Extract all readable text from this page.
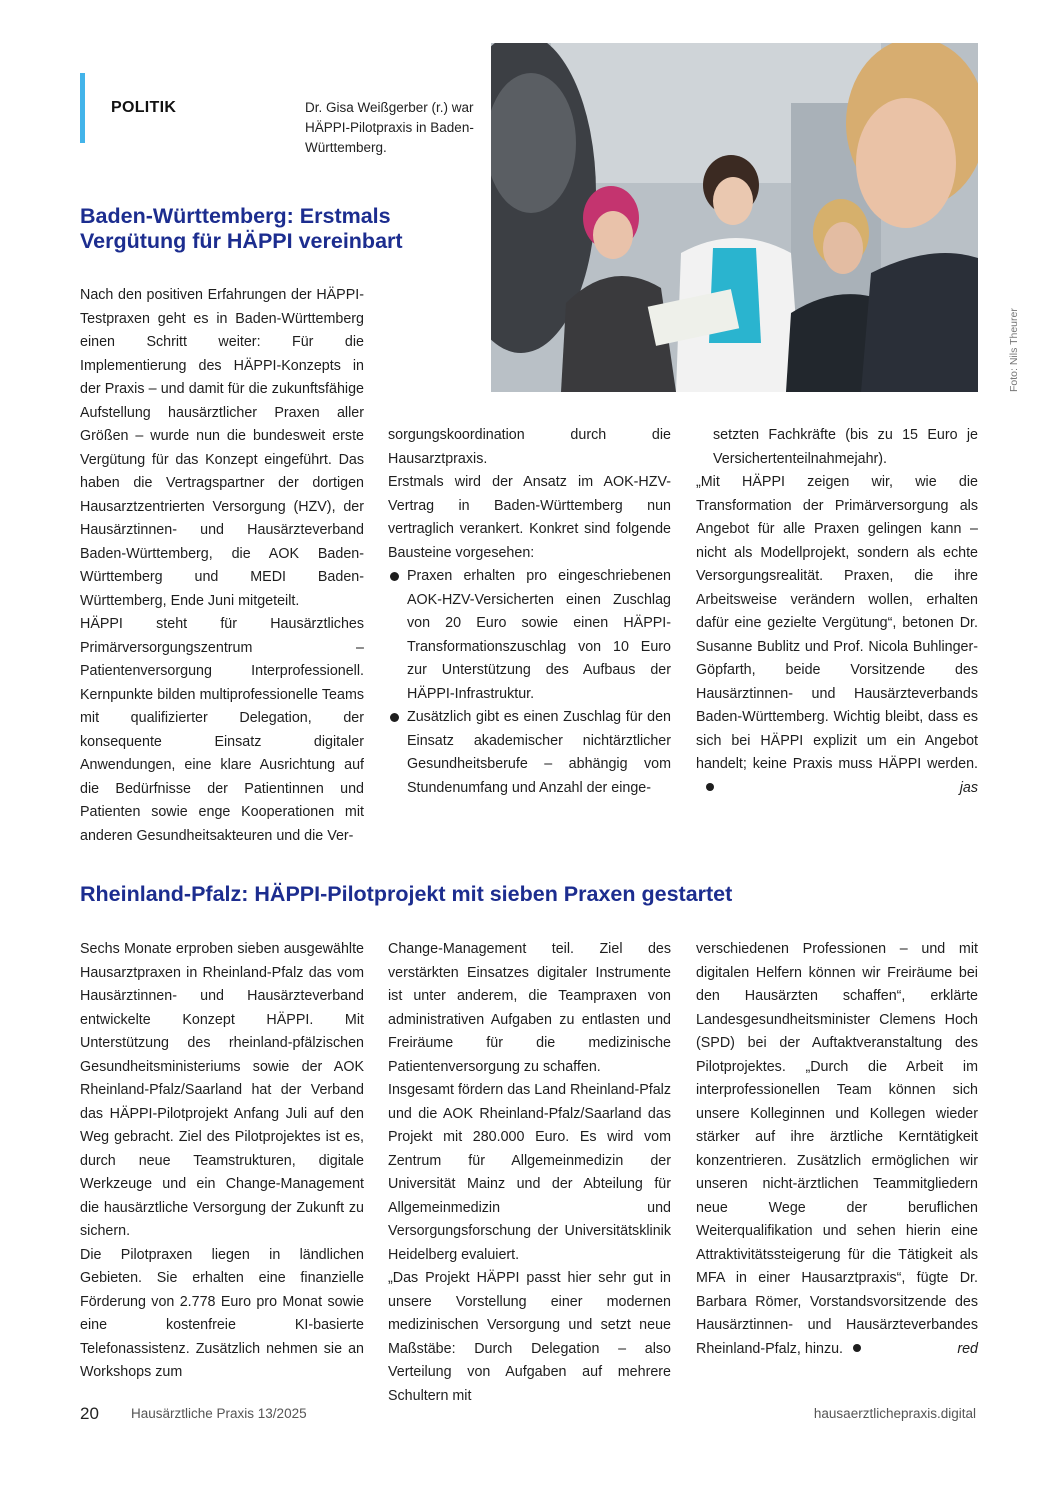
POLITIK	Dr. Gisa Weißgerber (r.) war HÄPPI-Pilotpraxis in Baden-Württemberg.
Foto: Nils Theurer
Baden-Württemberg: Erstmals
Vergütung für HÄPPI vereinbart

Nach den positiven Erfahrungen der HÄPPI-Testpraxen geht es in Baden-Württemberg einen Schritt weiter: Für die Implementierung des HÄPPI-Konzepts in der Praxis – und damit für die zukunftsfähige Aufstellung hausärztlicher Praxen aller Größen – wurde nun die bundesweit erste Vergütung für das Konzept eingeführt. Das haben die Vertragspartner der dortigen Hausarztzentrierten Versorgung (HZV), der Hausärztinnen- und Hausärzteverband Baden-Württemberg, die AOK Baden-Württemberg und MEDI Baden-Württemberg, Ende Juni mitgeteilt.

HÄPPI steht für Hausärztliches Primärversorgungszentrum – Patientenversorgung Interprofessionell. Kernpunkte bilden multiprofessionelle Teams mit qualifizierter Delegation, der konsequente Einsatz digitaler Anwendungen, eine klare Ausrichtung auf die Bedürfnisse der Patientinnen und Patienten sowie enge Kooperationen mit anderen Gesundheitsakteuren und die Ver-

sorgungskoordination durch die Hausarztpraxis.

Erstmals wird der Ansatz im AOK-HZV-Vertrag in Baden-Württemberg nun vertraglich verankert. Konkret sind folgende Bausteine vorgesehen:

Praxen erhalten pro eingeschriebenen AOK-HZV-Versicherten einen Zuschlag von 20 Euro sowie einen HÄPPI-Transformationszuschlag von 10 Euro zur Unterstützung des Aufbaus der HÄPPI-Infrastruktur.
Zusätzlich gibt es einen Zuschlag für den Einsatz akademischer nichtärztlicher Gesundheitsberufe – abhängig vom Stundenumfang und Anzahl der einge-

setzten Fachkräfte (bis zu 15 Euro je Versichertenteilnahmejahr).

„Mit HÄPPI zeigen wir, wie die Transformation der Primärversorgung als Angebot für alle Praxen gelingen kann – nicht als Modellprojekt, sondern als echte Versorgungsrealität. Praxen, die ihre Arbeitsweise verändern wollen, erhalten dafür eine gezielte Vergütung“, betonen Dr. Susanne Bublitz und Prof. Nicola Buhlinger-Göpfarth, beide Vorsitzende des Hausärztinnen- und Hausärzteverbands Baden-Württemberg. Wichtig bleibt, dass es sich bei HÄPPI explizit um ein Angebot handelt; keine Praxis muss HÄPPI werden.

jas
Rheinland-Pfalz: HÄPPI-Pilotprojekt mit sieben Praxen gestartet

Sechs Monate erproben sieben ausgewählte Hausarztpraxen in Rheinland-Pfalz das vom Hausärztinnen- und Hausärzteverband entwickelte Konzept HÄPPI. Mit Unterstützung des rheinland-pfälzischen Gesundheitsministeriums sowie der AOK Rheinland-Pfalz/Saarland hat der Verband das HÄPPI-Pilotprojekt Anfang Juli auf den Weg gebracht. Ziel des Pilotprojektes ist es, durch neue Teamstrukturen, digitale Werkzeuge und ein Change-Management die hausärztliche Versorgung der Zukunft zu sichern.

Die Pilotpraxen liegen in ländlichen Gebieten. Sie erhalten eine finanzielle Förderung von 2.778 Euro pro Monat sowie eine kostenfreie KI-basierte Telefonassistenz. Zusätzlich nehmen sie an Workshops zum

Change-Management teil. Ziel des verstärkten Einsatzes digitaler Instrumente ist unter anderem, die Teampraxen von administrativen Aufgaben zu entlasten und Freiräume für die medizinische Patientenversorgung zu schaffen.

Insgesamt fördern das Land Rheinland-Pfalz und die AOK Rheinland-Pfalz/Saarland das Projekt mit 280.000 Euro. Es wird vom Zentrum für Allgemeinmedizin der Universität Mainz und der Abteilung für Allgemeinmedizin und Versorgungsforschung der Universitätsklinik Heidelberg evaluiert.

„Das Projekt HÄPPI passt hier sehr gut in unsere Vorstellung einer modernen medizinischen Versorgung und setzt neue Maßstäbe: Durch Delegation – also Verteilung von Aufgaben auf mehrere Schultern mit

verschiedenen Professionen – und mit digitalen Helfern können wir Freiräume bei den Hausärzten schaffen“, erklärte Landesgesundheitsminister Clemens Hoch (SPD) bei der Auftaktveranstaltung des Pilotprojektes. „Durch die Arbeit im interprofessionellen Team können sich unsere Kolleginnen und Kollegen wieder stärker auf ihre ärztliche Kerntätigkeit konzentrieren. Zusätzlich ermöglichen wir unseren nicht-ärztlichen Teammitgliedern neue Wege der beruflichen Weiterqualifikation und sehen hierin eine Attraktivitätssteigerung für die Tätigkeit als MFA in einer Hausarztpraxis“, fügte Dr. Barbara Römer, Vorstandsvorsitzende des Hausärztinnen- und Hausärzteverbandes Rheinland-Pfalz, hinzu.	red
20 Hausärztliche Praxis 13/2025	hausaerztlichepraxis.digital
